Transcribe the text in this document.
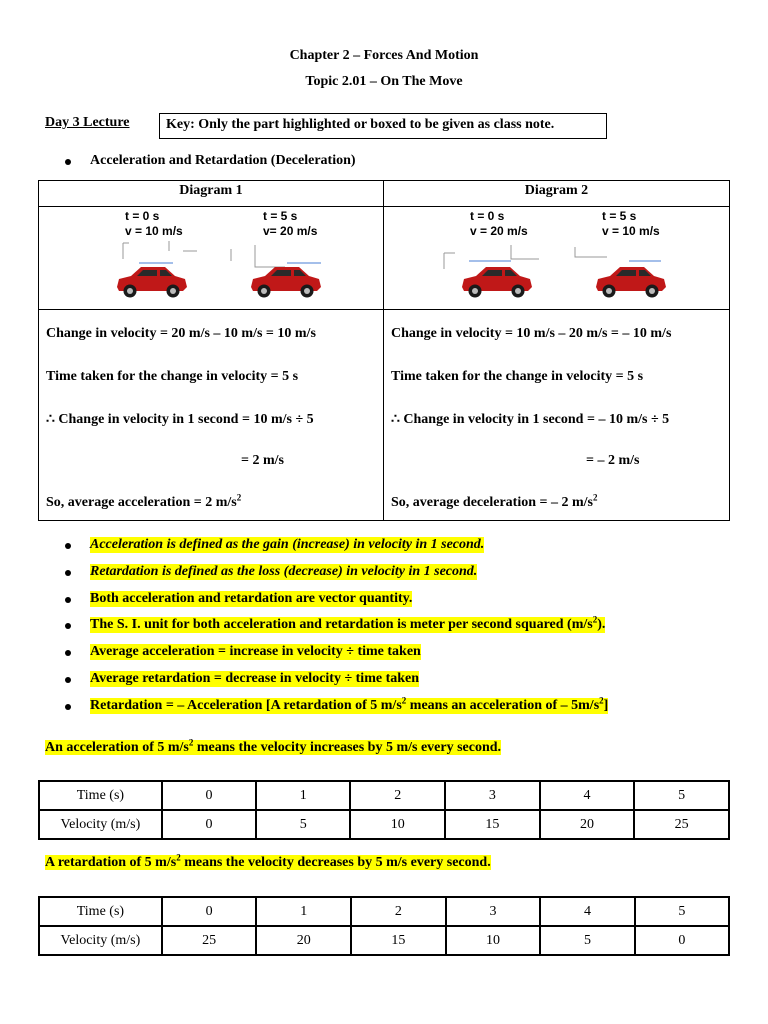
Chapter 2 – Forces And Motion
Topic 2.01 – On The Move
Day 3 Lecture	Key: Only the part highlighted or boxed to be given as class note.
Acceleration and Retardation (Deceleration)
Diagram 1
t = 0 s
v = 10 m/s
t = 5 s
v= 20 m/s
Change in velocity = 20 m/s – 10 m/s = 10 m/s
Time taken for the change in velocity = 5 s
∴ Change in velocity in 1 second = 10 m/s ÷ 5
= 2 m/s
So, average acceleration = 2 $m/s^2$
Diagram 2
t = 0 s
v = 20 m/s
t = 5 s
v = 10 m/s
Change in velocity = 10 m/s – 20 m/s = – 10 m/s
Time taken for the change in velocity = 5 s
∴ Change in velocity in 1 second = – 10 m/s ÷ 5
= – 2 m/s
So, average deceleration = – 2 $m/s^2$
Acceleration is defined as the gain (increase) in velocity in 1 second.
Retardation is defined as the loss (decrease) in velocity in 1 second.
Both acceleration and retardation are vector quantity.
The S. I. unit for both acceleration and retardation is meter per second squared $(m/s^2)$.
Average acceleration = increase in velocity ÷ time taken
Average retardation = decrease in velocity ÷ time taken
Retardation = – Acceleration [A retardation of 5 $m/s^2$ means an acceleration of – $5m/s^2$]
An acceleration of 5 $m/s^2$ means the velocity increases by 5 m/s every second.
Time (s)	0	1	2	3	4	5
Velocity (m/s)	0	5	10	15	20	25
A retardation of 5 $m/s^2$ means the velocity decreases by 5 m/s every second.
Time (s)	0	1	2	3	4	5
Velocity (m/s)	25	20	15	10	5	0
